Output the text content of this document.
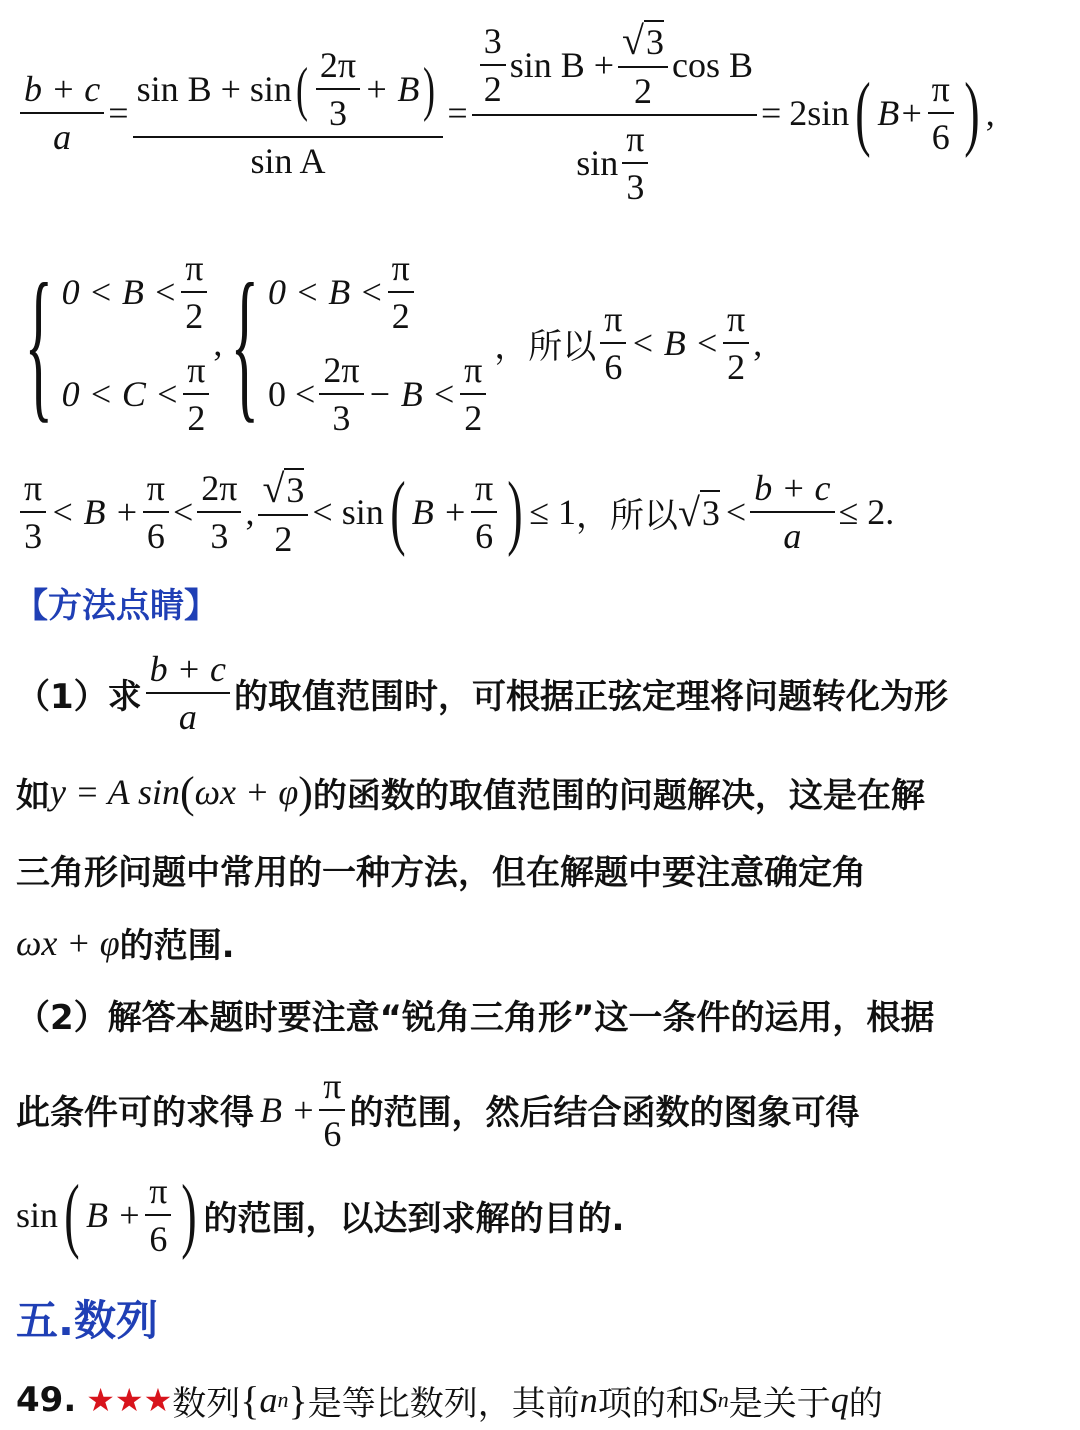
$\frac{b + c}{a}$ =
sin B + sin ( $\frac{2\pi}{3} + B$ )
sin A
=
$\frac{3}{2}$ $\sin B + \frac{√3}{2}$ cos B
$\sin \frac{\pi}{3}$
= 2sin ( $B+ \frac{\pi}{6}$ ) ,
{ $0 < B < \frac{\pi}{2}$
$0 < C < \frac{\pi}{2}$
, { $0 < B < \frac{\pi}{2}$
$0 < \frac{2\pi}{3} - B < \frac{\pi}{2}$
，所以 $\frac{\pi}{6} < B < \frac{\pi}{2}$ ,
$\frac{\pi}{3} < B + \frac{\pi}{6} < \frac{2\pi}{3}$ , $\frac{√3}{2} < \sin$ ( $B + \frac{\pi}{6}$ ) ≤ 1 ，所以 √ $3 < \frac{b + c}{a} \le 2$.
【方法点睛】
（1）求 $\frac{b + c}{a}$ 的取值范围时，可根据正弦定理将问题转化为形
如 y = A sin ( ωx + φ ) 的函数的取值范围的问题解决，这是在解
三角形问题中常用的一种方法，但在解题中要注意确定角
ωx + φ 的范围.
（2）解答本题时要注意“锐角三角形”这一条件的运用，根据
此条件可的求得 $B + \frac{\pi}{6}$ 的范围，然后结合函数的图象可得
sin ( $B + \frac{\pi}{6}$ ) 的范围，以达到求解的目的.
五.数列
49. ★★★ 数列 { a n } 是等比数列，其前 n 项的和 S n 是关于 q 的
